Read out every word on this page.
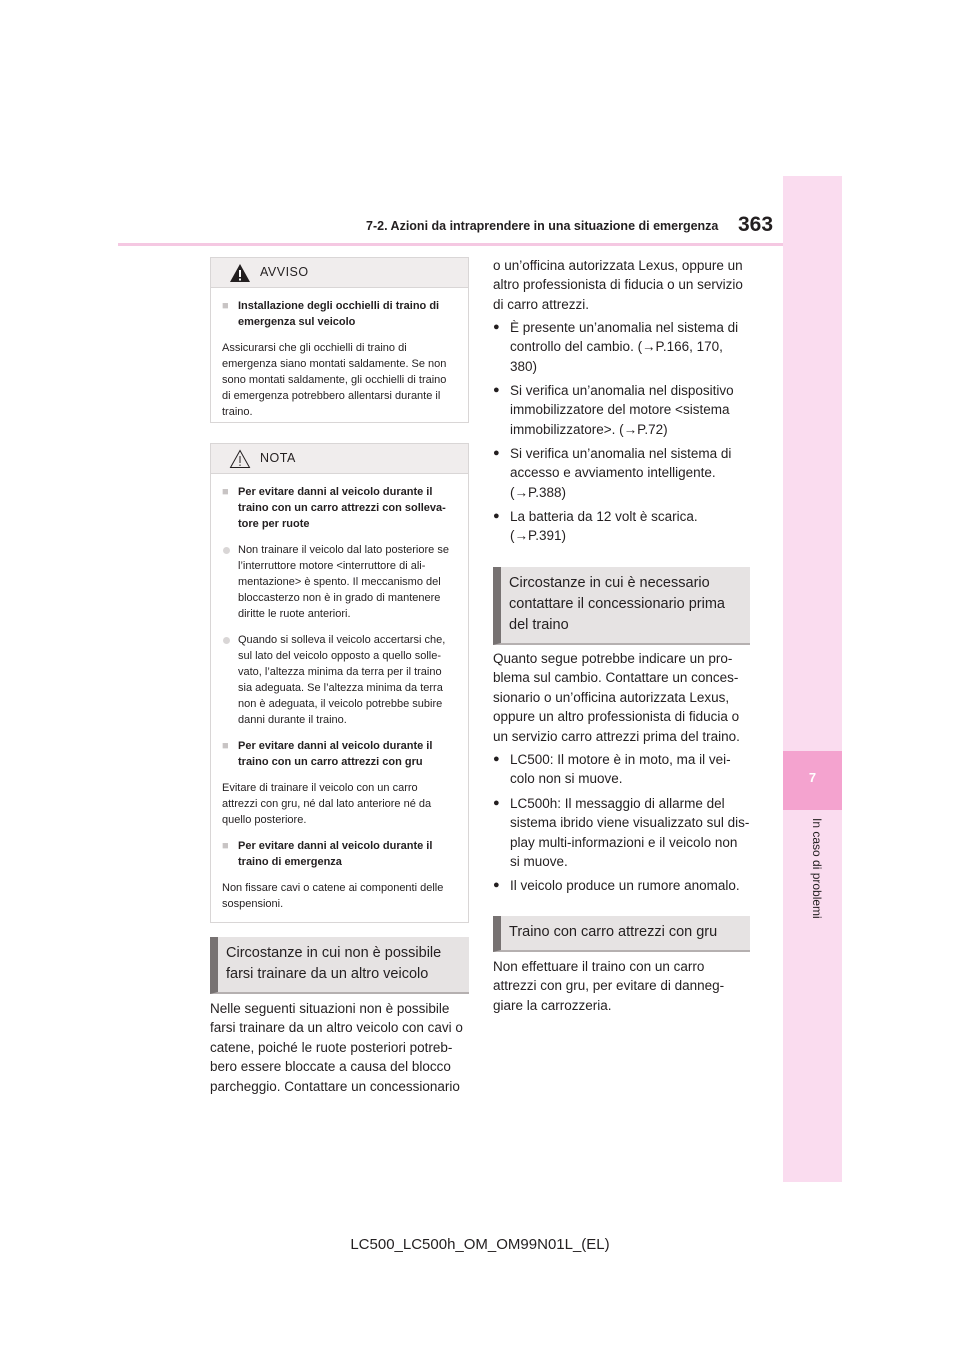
7-2. Azioni da intraprendere in una situazione di emergenza 363
7
In caso di problemi
AVVISO
■ Installazione degli occhielli di traino di emergenza sul veicolo
Assicurarsi che gli occhielli di traino di emergenza siano montati saldamente. Se non sono montati saldamente, gli occhielli di traino di emergenza potrebbero allentarsi durante il traino.
NOTA
■ Per evitare danni al veicolo durante il traino con un carro attrezzi con solleva-tore per ruote
Non trainare il veicolo dal lato posteriore se l’interruttore motore <interruttore di ali-mentazione> è spento. Il meccanismo del bloccasterzo non è in grado di mantenere diritte le ruote anteriori.
Quando si solleva il veicolo accertarsi che, sul lato del veicolo opposto a quello solle-vato, l’altezza minima da terra per il traino sia adeguata. Se l’altezza minima da terra non è adeguata, il veicolo potrebbe subire danni durante il traino.
■ Per evitare danni al veicolo durante il traino con un carro attrezzi con gru
Evitare di trainare il veicolo con un carro attrezzi con gru, né dal lato anteriore né da quello posteriore.
■ Per evitare danni al veicolo durante il traino di emergenza
Non fissare cavi o catene ai componenti delle sospensioni.
Circostanze in cui non è possibile farsi trainare da un altro veicolo
Nelle seguenti situazioni non è possibile farsi trainare da un altro veicolo con cavi o catene, poiché le ruote posteriori potreb-bero essere bloccate a causa del blocco parcheggio. Contattare un concessionario
o un’officina autorizzata Lexus, oppure un altro professionista di fiducia o un servizio di carro attrezzi.
● È presente un’anomalia nel sistema di controllo del cambio. (→P.166, 170, 380)
● Si verifica un’anomalia nel dispositivo immobilizzatore del motore <sistema immobilizzatore>. (→P.72)
● Si verifica un’anomalia nel sistema di accesso e avviamento intelligente. (→P.388)
● La batteria da 12 volt è scarica. (→P.391)
Circostanze in cui è necessario contattare il concessionario prima del traino
Quanto segue potrebbe indicare un pro-blema sul cambio. Contattare un conces-sionario o un’officina autorizzata Lexus, oppure un altro professionista di fiducia o un servizio carro attrezzi prima del traino.
● LC500: Il motore è in moto, ma il vei-colo non si muove.
● LC500h: Il messaggio di allarme del sistema ibrido viene visualizzato sul dis-play multi-informazioni e il veicolo non si muove.
● Il veicolo produce un rumore anomalo.
Traino con carro attrezzi con gru
Non effettuare il traino con un carro attrezzi con gru, per evitare di danneg-giare la carrozzeria.
LC500_LC500h_OM_OM99N01L_(EL)
